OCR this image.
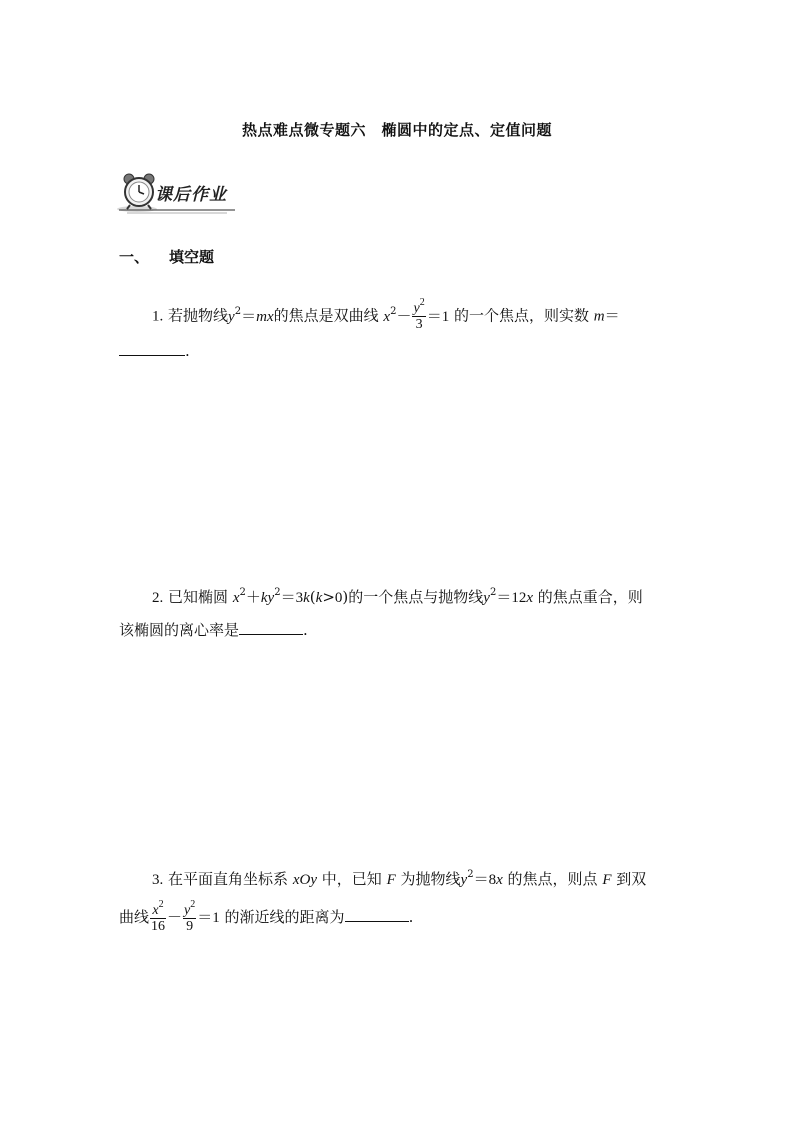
热点难点微专题六　椭圆中的定点、定值问题
课后作业
一、 填空题
1. 若抛物线$y^2=mx$的焦点是双曲线 $x^2- \frac{y^2}{3} =1$ 的一个焦点，则实数 m＝
.
2. 已知椭圆 $x^2+ky^2=3k(k>0)$的一个焦点与抛物线$y^2=12x$ 的焦点重合，则
该椭圆的离心率是	.
3. 在平面直角坐标系 xOy 中，已知 F 为抛物线$y^2=8x$ 的焦点，则点 F 到双
曲线 $\frac{x^2}{16} - \frac{y^2}{9} =1$ 的渐近线的距离为	.
